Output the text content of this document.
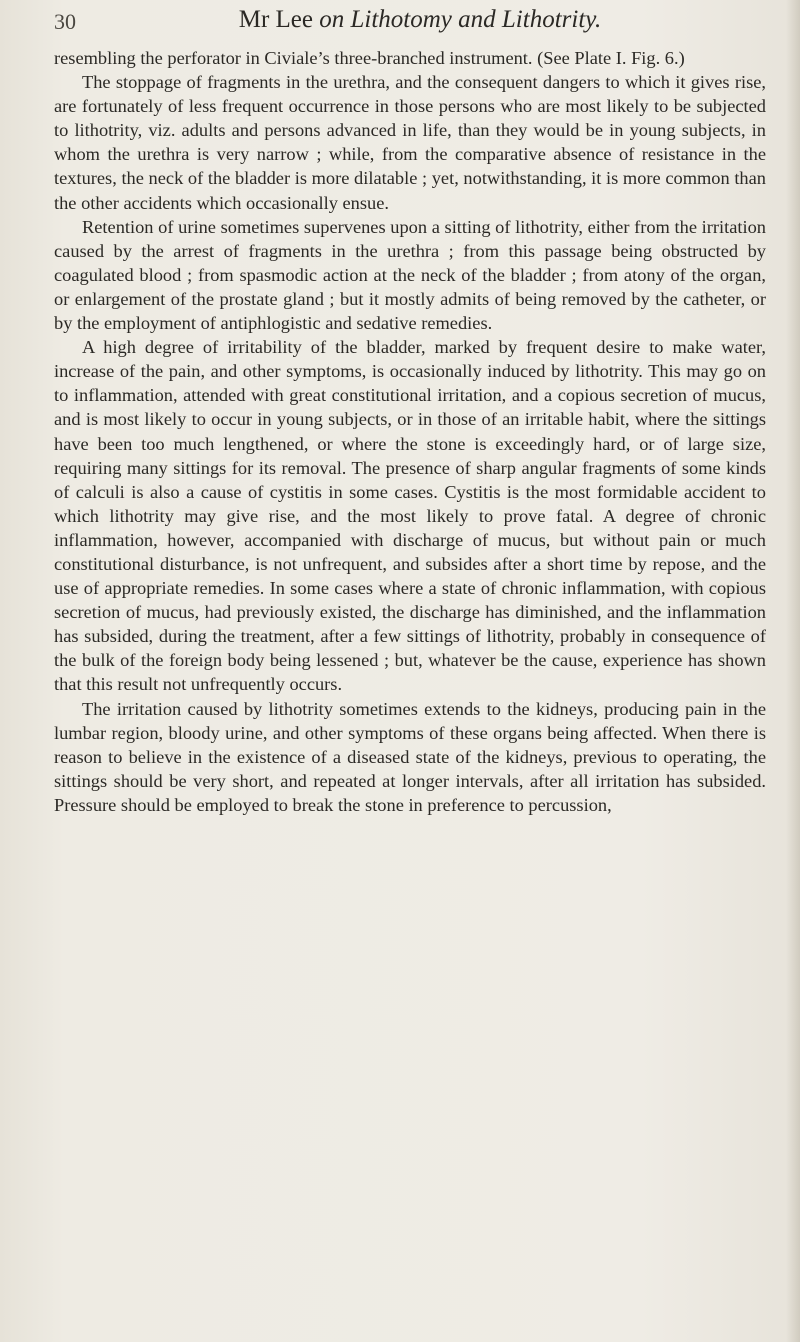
30	Mr Lee on Lithotomy and Lithotrity.

resembling the perforator in Civiale’s three-branched instrument. (See Plate I. Fig. 6.)

The stoppage of fragments in the urethra, and the consequent dangers to which it gives rise, are fortunately of less frequent occurrence in those persons who are most likely to be subjected to lithotrity, viz. adults and persons advanced in life, than they would be in young subjects, in whom the urethra is very narrow ; while, from the comparative absence of resistance in the textures, the neck of the bladder is more dilatable ; yet, notwithstanding, it is more common than the other accidents which occasionally ensue.

Retention of urine sometimes supervenes upon a sitting of lithotrity, either from the irritation caused by the arrest of fragments in the urethra ; from this passage being obstructed by coagulated blood ; from spasmodic action at the neck of the bladder ; from atony of the organ, or enlargement of the prostate gland ; but it mostly admits of being removed by the catheter, or by the employment of antiphlogistic and sedative remedies.

A high degree of irritability of the bladder, marked by frequent desire to make water, increase of the pain, and other symptoms, is occasionally induced by lithotrity. This may go on to inflammation, attended with great constitutional irritation, and a copious secretion of mucus, and is most likely to occur in young subjects, or in those of an irritable habit, where the sittings have been too much lengthened, or where the stone is exceedingly hard, or of large size, requiring many sittings for its removal. The presence of sharp angular fragments of some kinds of calculi is also a cause of cystitis in some cases. Cystitis is the most formidable accident to which lithotrity may give rise, and the most likely to prove fatal. A degree of chronic inflammation, however, accompanied with discharge of mucus, but without pain or much constitutional disturbance, is not unfrequent, and subsides after a short time by repose, and the use of appropriate remedies. In some cases where a state of chronic inflammation, with copious secretion of mucus, had previously existed, the discharge has diminished, and the inflammation has subsided, during the treatment, after a few sittings of lithotrity, probably in consequence of the bulk of the foreign body being lessened ; but, whatever be the cause, experience has shown that this result not unfrequently occurs.

The irritation caused by lithotrity sometimes extends to the kidneys, producing pain in the lumbar region, bloody urine, and other symptoms of these organs being affected. When there is reason to believe in the existence of a diseased state of the kidneys, previous to operating, the sittings should be very short, and repeated at longer intervals, after all irritation has subsided. Pressure should be employed to break the stone in preference to percussion,
